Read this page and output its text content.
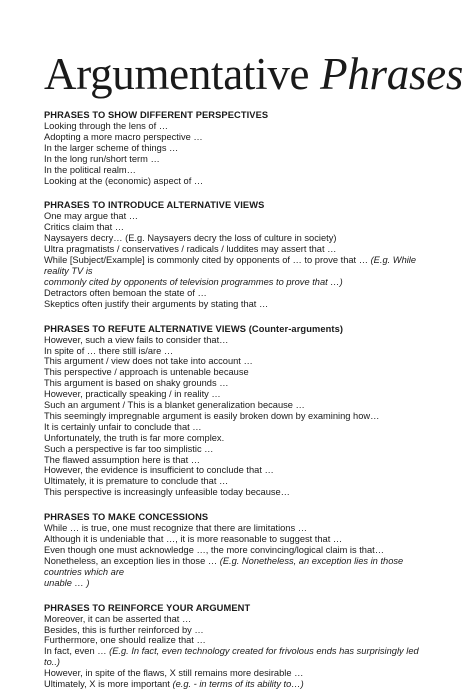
Argumentative Phrases
PHRASES TO SHOW DIFFERENT PERSPECTIVES
Looking through the lens of …
Adopting a more macro perspective …
In the larger scheme of things …
In the long run/short term …
In the political realm…
Looking at the (economic) aspect of …
PHRASES TO INTRODUCE ALTERNATIVE VIEWS
One may argue that …
Critics claim that …
Naysayers decry… (E.g. Naysayers decry the loss of culture in society)
Ultra pragmatists / conservatives / radicals / luddites may assert that …
While [Subject/Example] is commonly cited by opponents of … to prove that … (E.g. While reality TV is
commonly cited by opponents of television programmes to prove that …)
Detractors often bemoan the state of …
Skeptics often justify their arguments by stating that …
PHRASES TO REFUTE ALTERNATIVE VIEWS (Counter-arguments)
However, such a view fails to consider that…
In spite of … there still is/are …
This argument / view does not take into account …
This perspective / approach is untenable because
This argument is based on shaky grounds …
However, practically speaking / in reality …
Such an argument / This is a blanket generalization because …
This seemingly impregnable argument is easily broken down by examining how…
It is certainly unfair to conclude that …
Unfortunately, the truth is far more complex.
Such a perspective is far too simplistic …
The flawed assumption here is that …
However, the evidence is insufficient to conclude that …
Ultimately, it is premature to conclude that …
This perspective is increasingly unfeasible today because…
PHRASES TO MAKE CONCESSIONS
While … is true, one must recognize that there are limitations …
Although it is undeniable that …, it is more reasonable to suggest that …
Even though one must acknowledge …, the more convincing/logical claim is that…
Nonetheless, an exception lies in those … (E.g. Nonetheless, an exception lies in those countries which are
unable … )
PHRASES TO REINFORCE YOUR ARGUMENT
Moreover, it can be asserted that …
Besides, this is further reinforced by …
Furthermore, one should realize that …
In fact, even … (E.g. In fact, even technology created for frivolous ends has surprisingly led to..)
However, in spite of the flaws, X still remains more desirable …
Ultimately, X is more important (e.g. - in terms of its ability to…)
